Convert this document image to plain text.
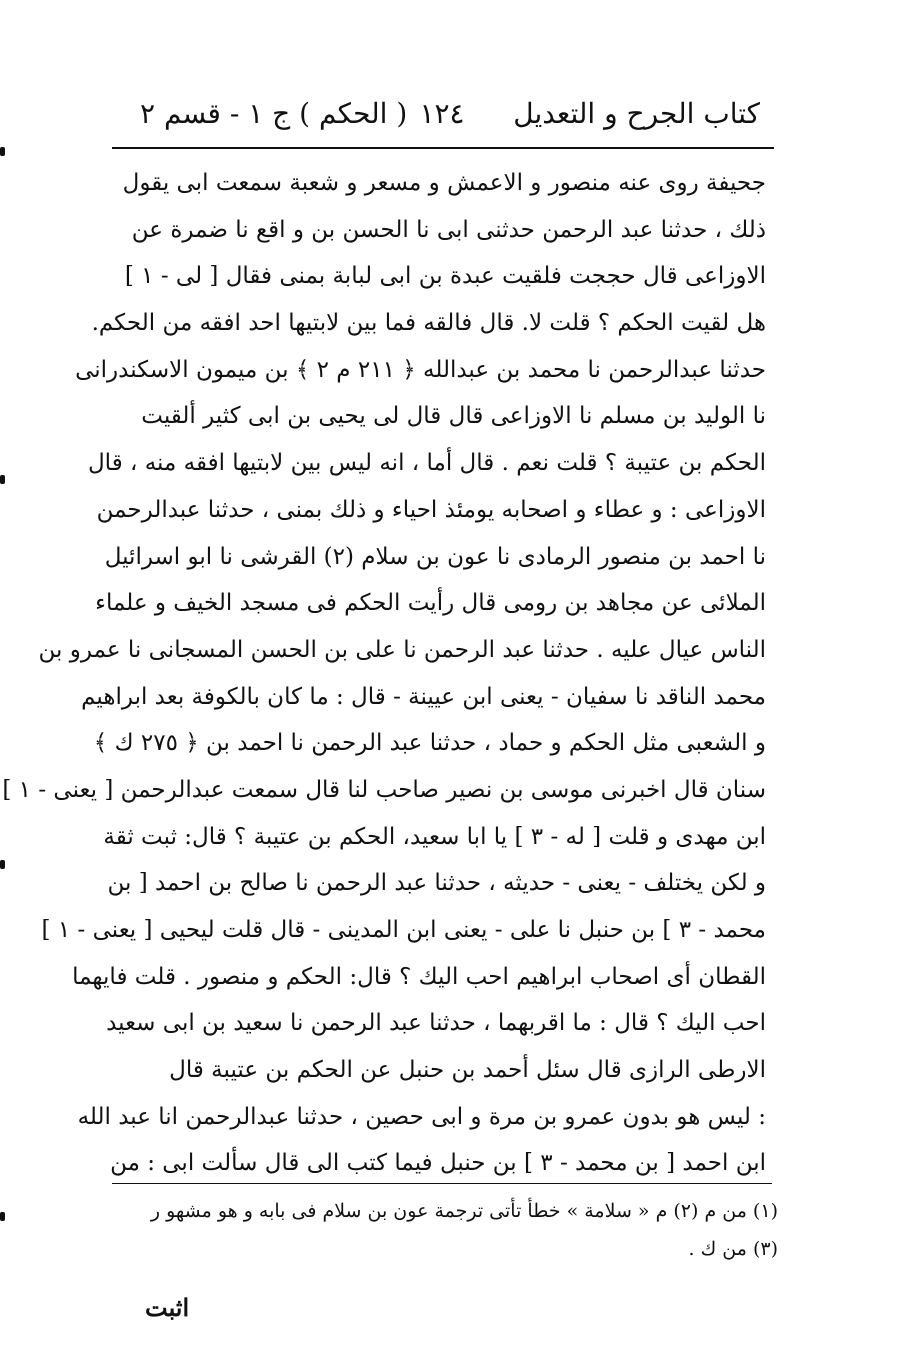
كتاب الجرح و التعديل
١٢٤
( الحكم ) ج ١ - قسم ٢
جحيفة روى عنه منصور و الاعمش و مسعر و شعبة سمعت ابى يقول
ذلك ، حدثنا عبد الرحمن حدثنى ابى نا الحسن بن و اقع نا ضمرة عن
الاوزاعى قال حججت فلقيت عبدة بن ابى لبابة بمنى فقال [ لى - ١ ]
هل لقيت الحكم ؟ قلت لا. قال فالقه فما بين لابتيها احد افقه من الحكم.
حدثنا عبدالرحمن نا محمد بن عبدالله ﴿ ٢١١ م ٢ ﴾ بن ميمون الاسكندرانى
نا الوليد بن مسلم نا الاوزاعى قال قال لى يحيى بن ابى كثير ألقيت
الحكم بن عتيبة ؟ قلت نعم . قال أما ، انه ليس بين لابتيها افقه منه ، قال
الاوزاعى : و عطاء و اصحابه يومئذ احياء و ذلك بمنى ، حدثنا عبدالرحمن
نا احمد بن منصور الرمادى نا عون بن سلام (٢) القرشى نا ابو اسرائيل
الملائى عن مجاهد بن رومى قال رأيت الحكم فى مسجد الخيف و علماء
الناس عيال عليه . حدثنا عبد الرحمن نا على بن الحسن المسجانى نا عمرو بن
محمد الناقد نا سفيان - يعنى ابن عيينة - قال : ما كان بالكوفة بعد ابراهيم
و الشعبى مثل الحكم و حماد ، حدثنا عبد الرحمن نا احمد بن ﴿ ٢٧٥ ك ﴾
سنان قال اخبرنى موسى بن نصير صاحب لنا قال سمعت عبدالرحمن [ يعنى - ١ ]
ابن مهدى و قلت [ له - ٣ ] يا ابا سعيد، الحكم بن عتيبة ؟ قال: ثبت ثقة
و لكن يختلف - يعنى - حديثه ، حدثنا عبد الرحمن نا صالح بن احمد [ بن
محمد - ٣ ] بن حنبل نا على - يعنى ابن المدينى - قال قلت ليحيى [ يعنى - ١ ]
القطان أى اصحاب ابراهيم احب اليك ؟ قال: الحكم و منصور . قلت فايهما
احب اليك ؟ قال : ما اقربهما ، حدثنا عبد الرحمن نا سعيد بن ابى سعيد
الارطى الرازى قال سئل أحمد بن حنبل عن الحكم بن عتيبة قال
: ليس هو بدون عمرو بن مرة و ابى حصين ، حدثنا عبدالرحمن انا عبد الله
ابن احمد [ بن محمد - ٣ ] بن حنبل فيما كتب الى قال سألت ابى : من
(١) من م (٢) م « سلامة » خطأ تأتى ترجمة عون بن سلام فى بابه و هو مشهو ر
(٣) من ك .
اثبت
